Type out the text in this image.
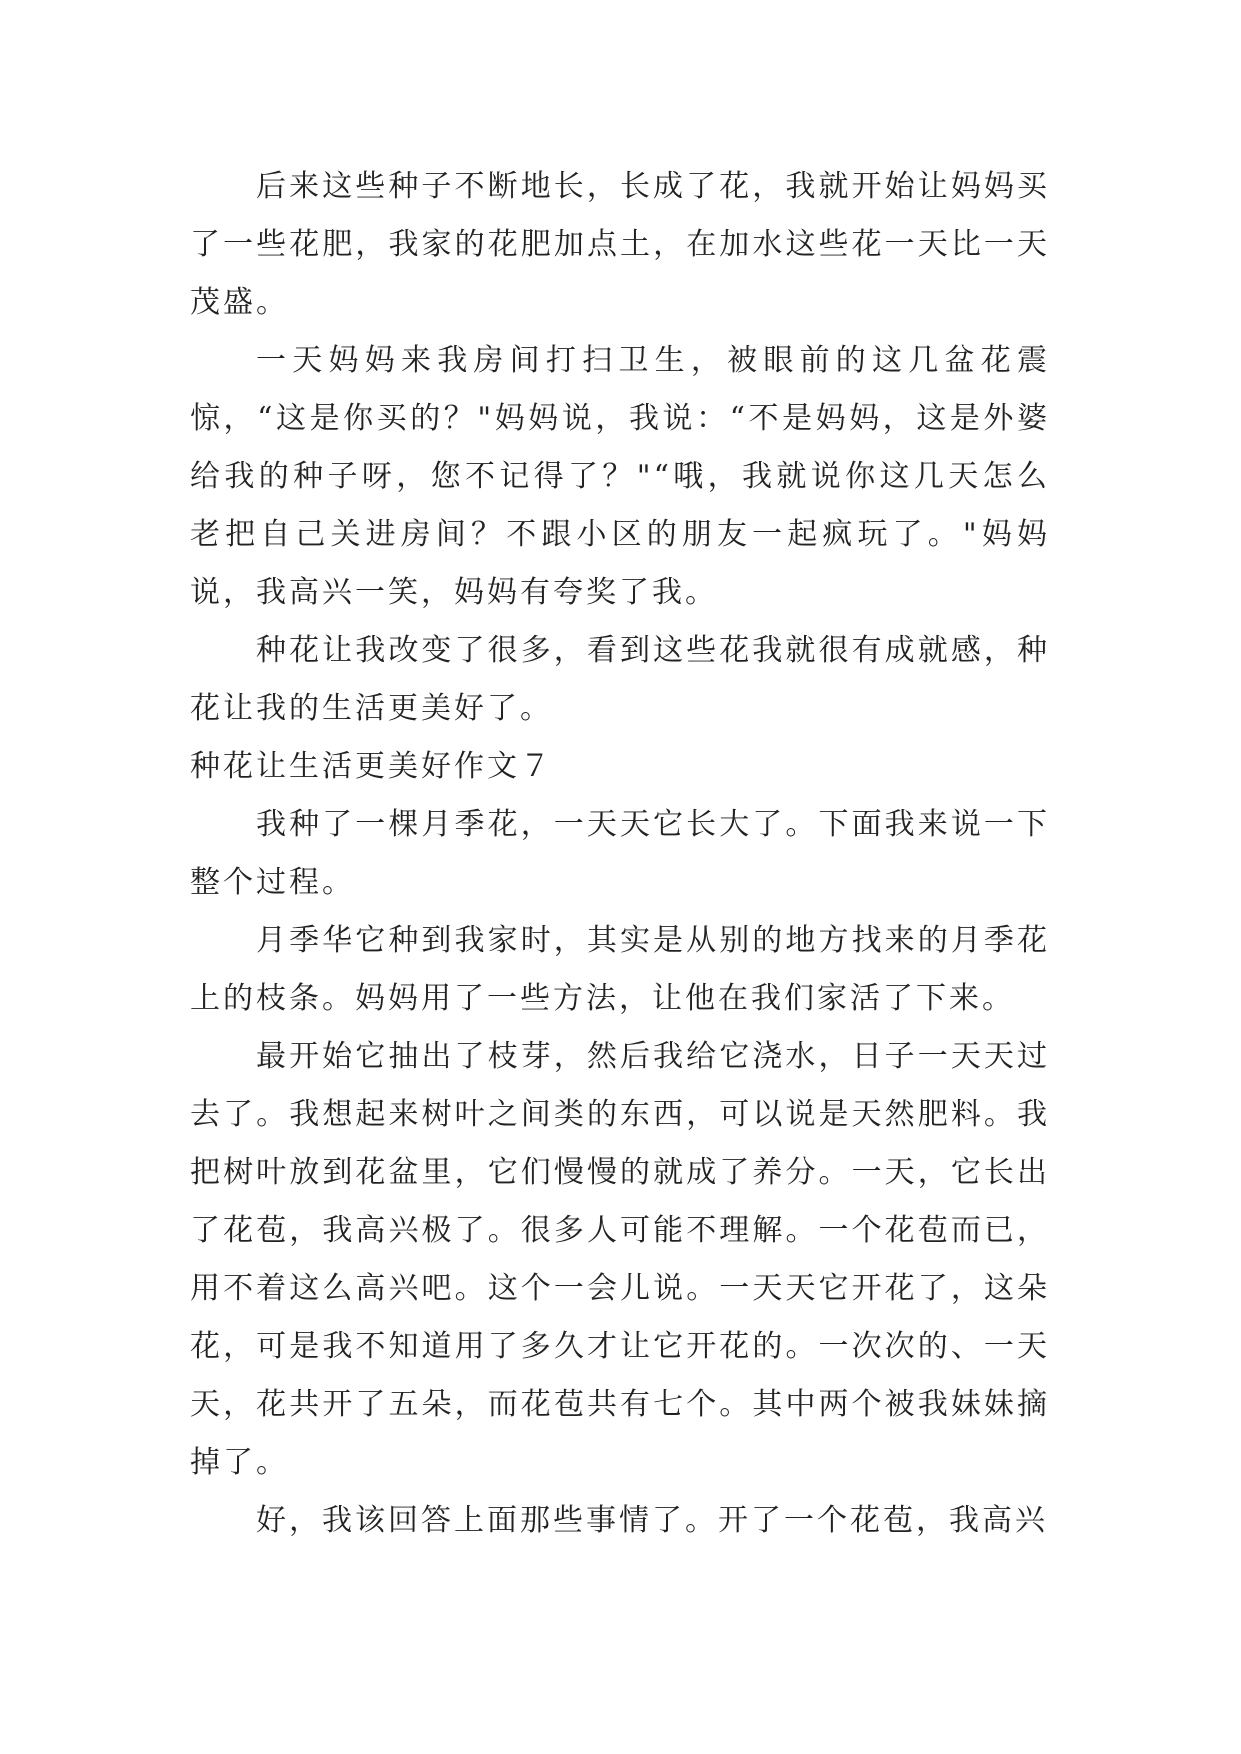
后来这些种子不断地长，长成了花，我就开始让妈妈买了一些花肥，我家的花肥加点土，在加水这些花一天比一天茂盛。

一天妈妈来我房间打扫卫生，被眼前的这几盆花震惊，“这是你买的？"妈妈说，我说：“不是妈妈，这是外婆给我的种子呀，您不记得了？"“哦，我就说你这几天怎么老把自己关进房间？不跟小区的朋友一起疯玩了。"妈妈说，我高兴一笑，妈妈有夸奖了我。

种花让我改变了很多，看到这些花我就很有成就感，种花让我的生活更美好了。

种花让生活更美好作文７

我种了一棵月季花，一天天它长大了。下面我来说一下整个过程。

月季华它种到我家时，其实是从别的地方找来的月季花上的枝条。妈妈用了一些方法，让他在我们家活了下来。

最开始它抽出了枝芽，然后我给它浇水，日子一天天过去了。我想起来树叶之间类的东西，可以说是天然肥料。我把树叶放到花盆里，它们慢慢的就成了养分。一天，它长出了花苞，我高兴极了。很多人可能不理解。一个花苞而已，用不着这么高兴吧。这个一会儿说。一天天它开花了，这朵花，可是我不知道用了多久才让它开花的。一次次的、一天天，花共开了五朵，而花苞共有七个。其中两个被我妹妹摘掉了。

好，我该回答上面那些事情了。开了一个花苞，我高兴
